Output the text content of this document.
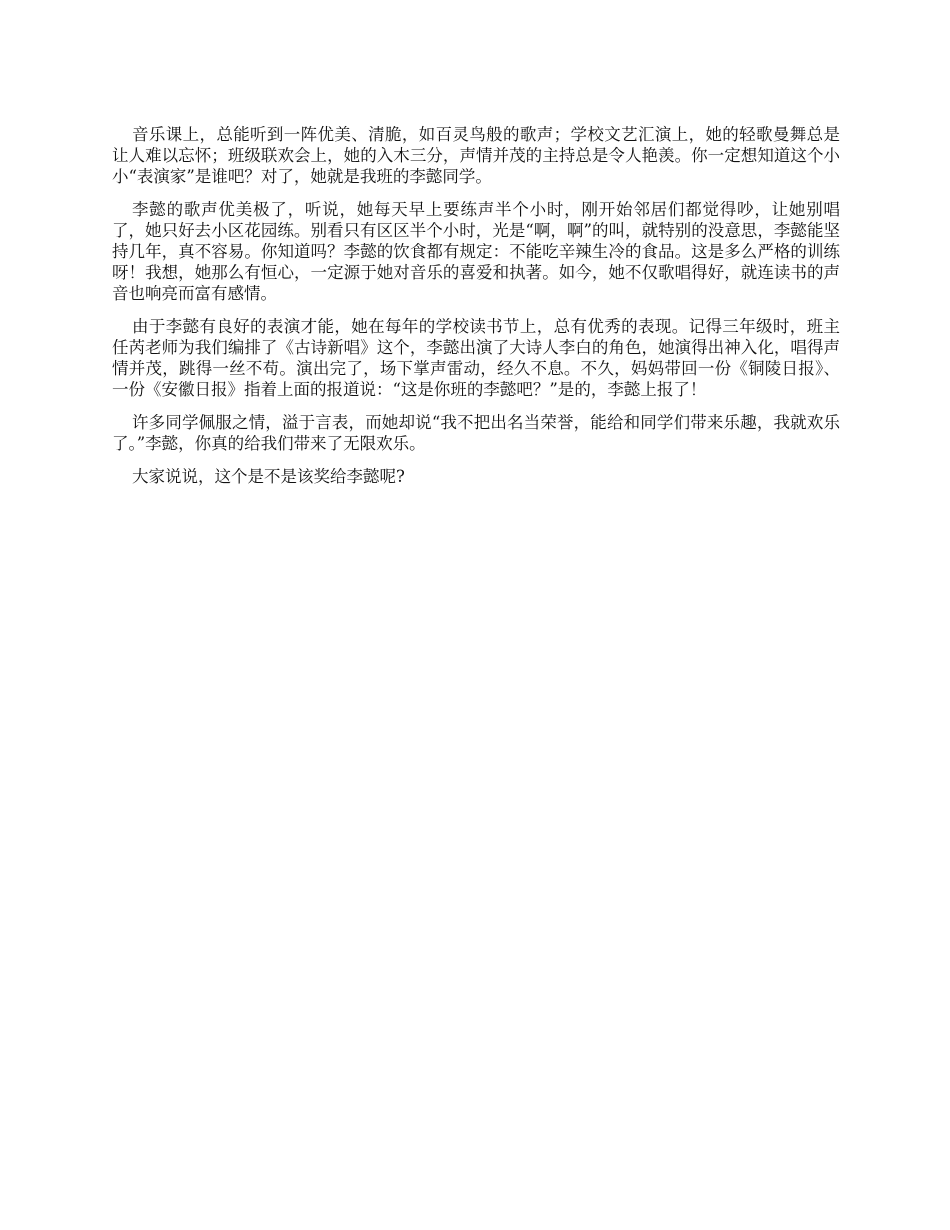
音乐课上，总能听到一阵优美、清脆，如百灵鸟般的歌声；学校文艺汇演上，她的轻歌曼舞总是让人难以忘怀；班级联欢会上，她的入木三分，声情并茂的主持总是令人艳羡。你一定想知道这个小小“表演家”是谁吧？对了，她就是我班的李懿同学。

李懿的歌声优美极了，听说，她每天早上要练声半个小时，刚开始邻居们都觉得吵，让她别唱了，她只好去小区花园练。别看只有区区半个小时，光是“啊，啊”的叫，就特别的没意思，李懿能坚持几年，真不容易。你知道吗？李懿的饮食都有规定：不能吃辛辣生冷的食品。这是多么严格的训练呀！我想，她那么有恒心，一定源于她对音乐的喜爱和执著。如今，她不仅歌唱得好，就连读书的声音也响亮而富有感情。

由于李懿有良好的表演才能，她在每年的学校读书节上，总有优秀的表现。记得三年级时，班主任芮老师为我们编排了《古诗新唱》这个，李懿出演了大诗人李白的角色，她演得出神入化，唱得声情并茂，跳得一丝不苟。演出完了，场下掌声雷动，经久不息。不久，妈妈带回一份《铜陵日报》、一份《安徽日报》指着上面的报道说：“这是你班的李懿吧？”是的，李懿上报了！

许多同学佩服之情，溢于言表，而她却说“我不把出名当荣誉，能给和同学们带来乐趣，我就欢乐了。”李懿，你真的给我们带来了无限欢乐。

大家说说，这个是不是该奖给李懿呢?
